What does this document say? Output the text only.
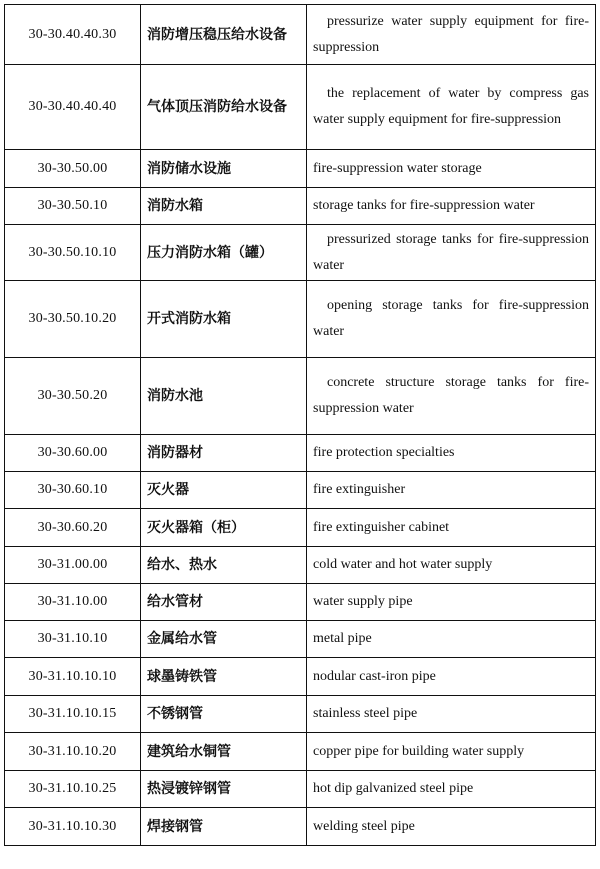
30-30.40.40.30	消防增压稳压给水设备	pressurize water supply equipment for fire-suppression
30-30.40.40.40	气体顶压消防给水设备	the replacement of water by compress gas water supply equipment for fire-suppression
30-30.50.00	消防储水设施	fire-suppression water storage
30-30.50.10	消防水箱	storage tanks for fire-suppression water
30-30.50.10.10	压力消防水箱（罐）	pressurized storage tanks for fire-suppression water
30-30.50.10.20	开式消防水箱	opening storage tanks for fire-suppression water
30-30.50.20	消防水池	concrete structure storage tanks for fire-suppression water
30-30.60.00	消防器材	fire protection specialties
30-30.60.10	灭火器	fire extinguisher
30-30.60.20	灭火器箱（柜）	fire extinguisher cabinet
30-31.00.00	给水、热水	cold water and hot water supply
30-31.10.00	给水管材	water supply pipe
30-31.10.10	金属给水管	metal pipe
30-31.10.10.10	球墨铸铁管	nodular cast-iron pipe
30-31.10.10.15	不锈钢管	stainless steel pipe
30-31.10.10.20	建筑给水铜管	copper pipe for building water supply
30-31.10.10.25	热浸镀锌钢管	hot dip galvanized steel pipe
30-31.10.10.30	焊接钢管	welding steel pipe
